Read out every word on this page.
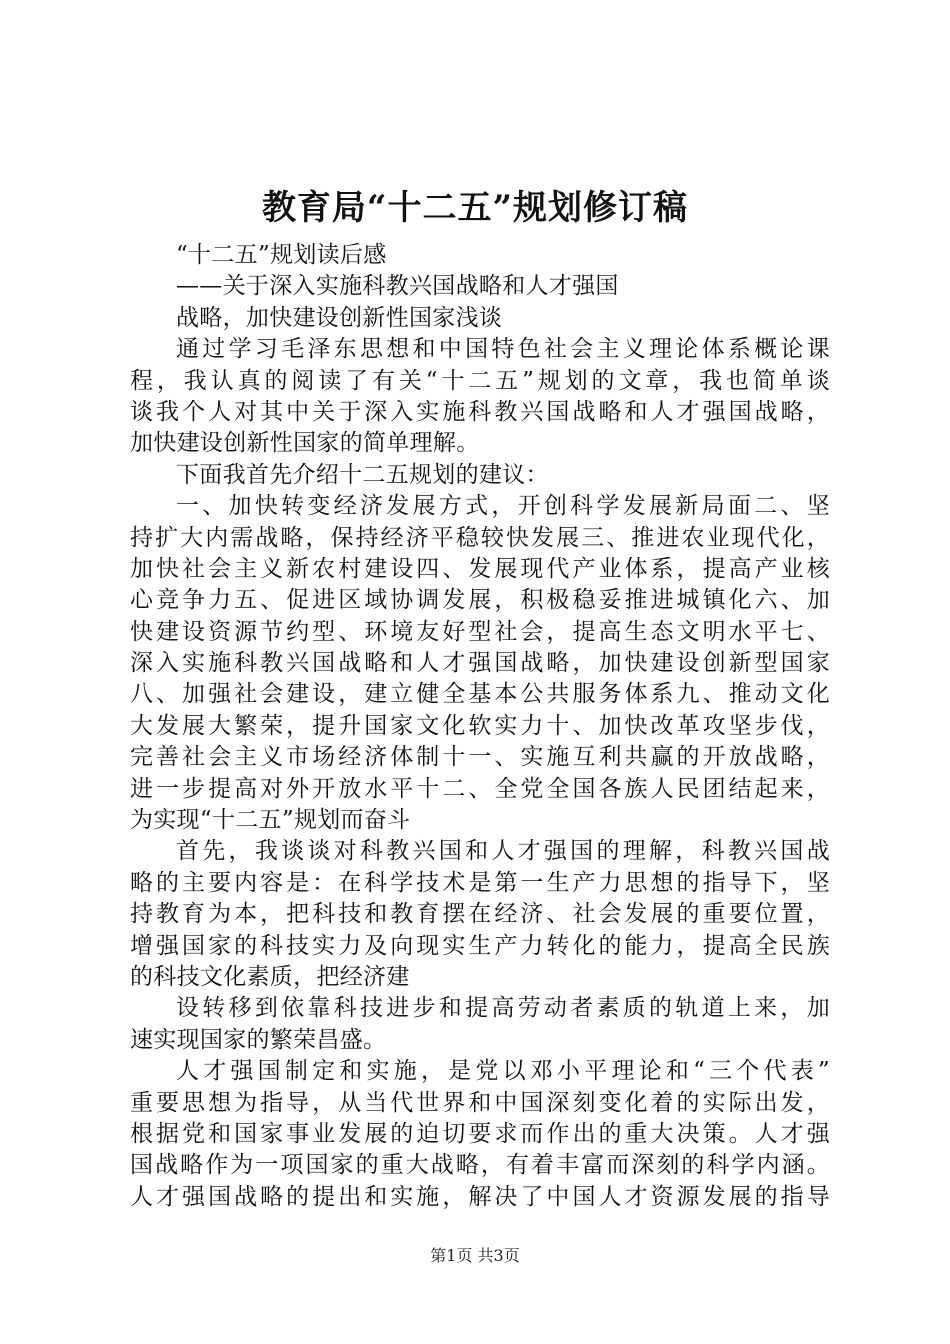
教育局“十二五”规划修订稿
“十二五”规划读后感
——关于深入实施科教兴国战略和人才强国
战略，加快建设创新性国家浅谈
通过学习毛泽东思想和中国特色社会主义理论体系概论课
程，我认真的阅读了有关“十二五”规划的文章，我也简单谈
谈我个人对其中关于深入实施科教兴国战略和人才强国战略，
加快建设创新性国家的简单理解。
下面我首先介绍十二五规划的建议：
一、加快转变经济发展方式，开创科学发展新局面二、坚
持扩大内需战略，保持经济平稳较快发展三、推进农业现代化，
加快社会主义新农村建设四、发展现代产业体系，提高产业核
心竞争力五、促进区域协调发展，积极稳妥推进城镇化六、加
快建设资源节约型、环境友好型社会，提高生态文明水平七、
深入实施科教兴国战略和人才强国战略，加快建设创新型国家
八、加强社会建设，建立健全基本公共服务体系九、推动文化
大发展大繁荣，提升国家文化软实力十、加快改革攻坚步伐，
完善社会主义市场经济体制十一、实施互利共赢的开放战略，
进一步提高对外开放水平十二、全党全国各族人民团结起来，
为实现“十二五”规划而奋斗
首先，我谈谈对科教兴国和人才强国的理解，科教兴国战
略的主要内容是：在科学技术是第一生产力思想的指导下，坚
持教育为本，把科技和教育摆在经济、社会发展的重要位置，
增强国家的科技实力及向现实生产力转化的能力，提高全民族
的科技文化素质，把经济建
设转移到依靠科技进步和提高劳动者素质的轨道上来，加
速实现国家的繁荣昌盛。
人才强国制定和实施，是党以邓小平理论和“三个代表”
重要思想为指导，从当代世界和中国深刻变化着的实际出发，
根据党和国家事业发展的迫切要求而作出的重大决策。人才强
国战略作为一项国家的重大战略，有着丰富而深刻的科学内涵。
人才强国战略的提出和实施，解决了中国人才资源发展的指导
第1页 共3页
